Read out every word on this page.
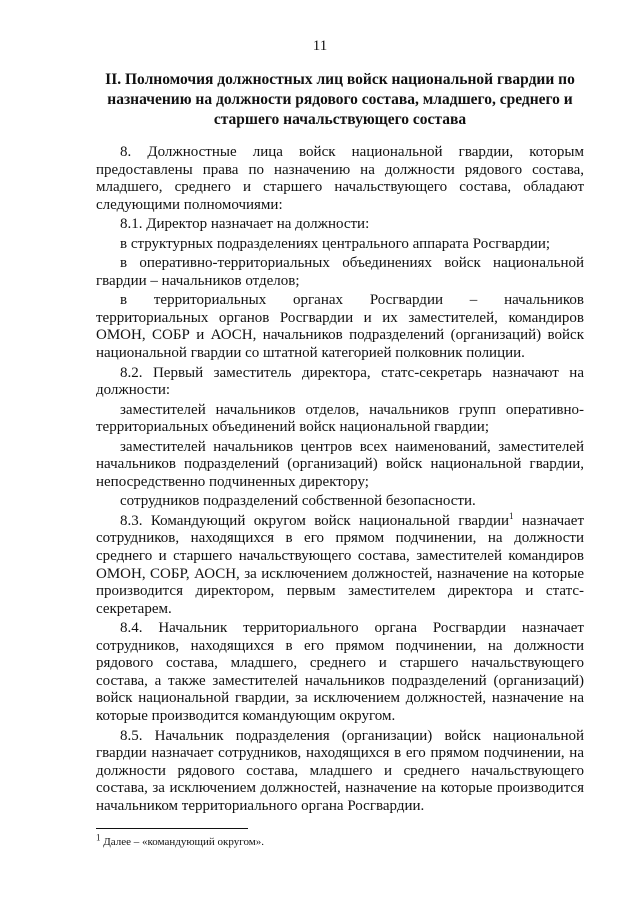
11
II. Полномочия должностных лиц войск национальной гвардии по назначению на должности рядового состава, младшего, среднего и старшего начальствующего состава

8. Должностные лица войск национальной гвардии, которым предоставлены права по назначению на должности рядового состава, младшего, среднего и старшего начальствующего состава, обладают следующими полномочиями:

8.1. Директор назначает на должности:

в структурных подразделениях центрального аппарата Росгвардии;

в оперативно-территориальных объединениях войск национальной гвардии – начальников отделов;

в территориальных органах Росгвардии – начальников территориальных органов Росгвардии и их заместителей, командиров ОМОН, СОБР и АОСН, начальников подразделений (организаций) войск национальной гвардии со штатной категорией полковник полиции.

8.2. Первый заместитель директора, статс-секретарь назначают на должности:

заместителей начальников отделов, начальников групп оперативно-территориальных объединений войск национальной гвардии;

заместителей начальников центров всех наименований, заместителей начальников подразделений (организаций) войск национальной гвардии, непосредственно подчиненных директору;

сотрудников подразделений собственной безопасности.

8.3. Командующий округом войск национальной гвардии$^1$ назначает сотрудников, находящихся в его прямом подчинении, на должности среднего и старшего начальствующего состава, заместителей командиров ОМОН, СОБР, АОСН, за исключением должностей, назначение на которые производится директором, первым заместителем директора и статс-секретарем.

8.4. Начальник территориального органа Росгвардии назначает сотрудников, находящихся в его прямом подчинении, на должности рядового состава, младшего, среднего и старшего начальствующего состава, а также заместителей начальников подразделений (организаций) войск национальной гвардии, за исключением должностей, назначение на которые производится командующим округом.

8.5. Начальник подразделения (организации) войск национальной гвардии назначает сотрудников, находящихся в его прямом подчинении, на должности рядового состава, младшего и среднего начальствующего состава, за исключением должностей, назначение на которые производится начальником территориального органа Росгвардии.

$^1$ Далее – «командующий округом».
